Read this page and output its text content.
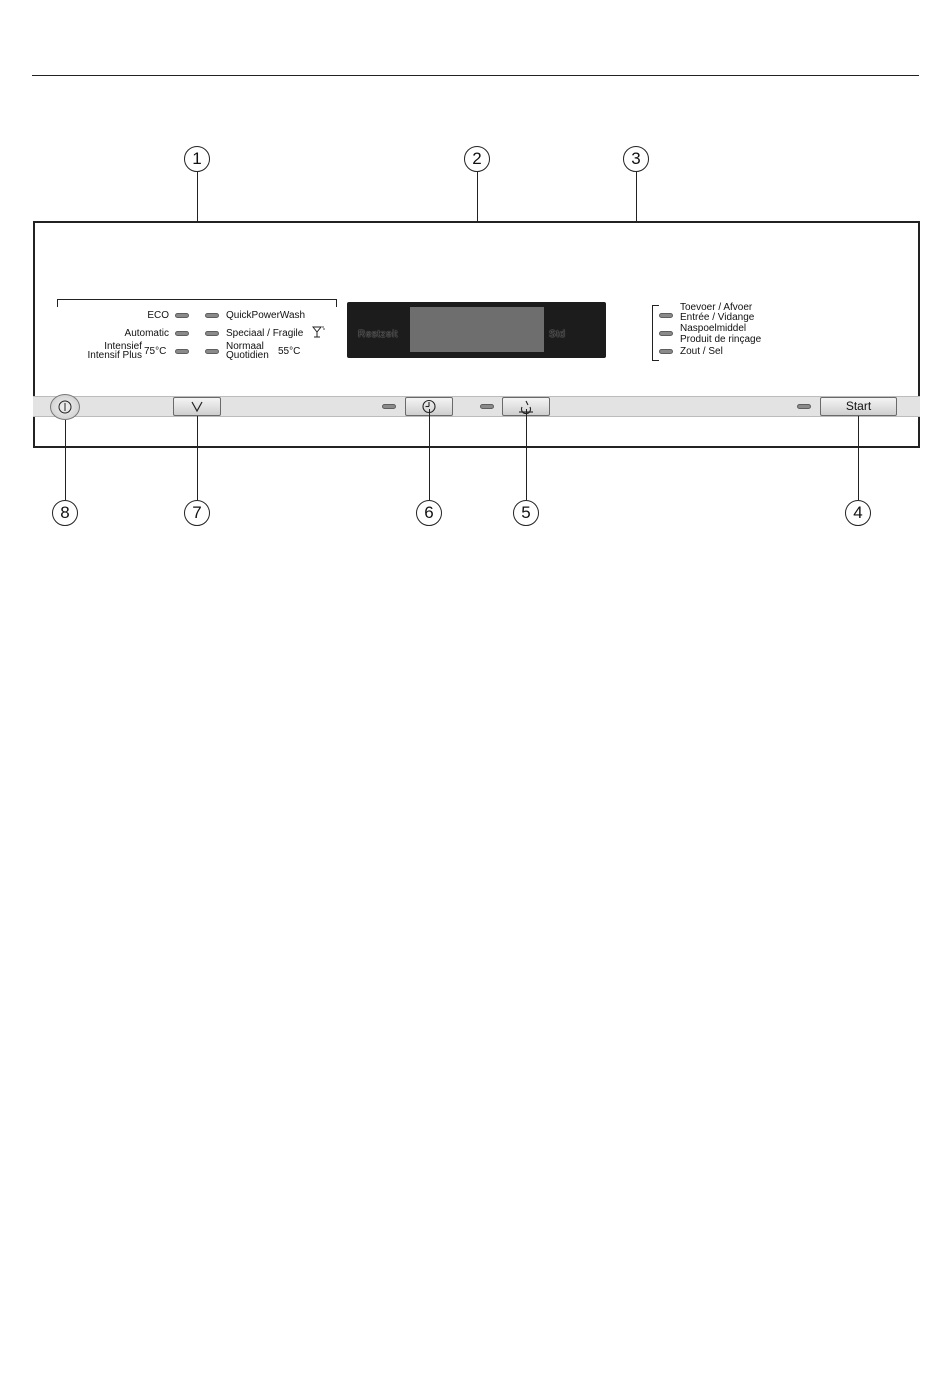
1	2	3
ECO
Automatic
Intensief
Intensif Plus 75°C
QuickPowerWash
Speciaal / Fragile
Normaal
Quotidien 55°C
Restzeit	Std
Toevoer / Afvoer
Entrée / Vidange
Naspoelmiddel
Produit de rinçage
Zout / Sel
Start
8	7	6	5	4
